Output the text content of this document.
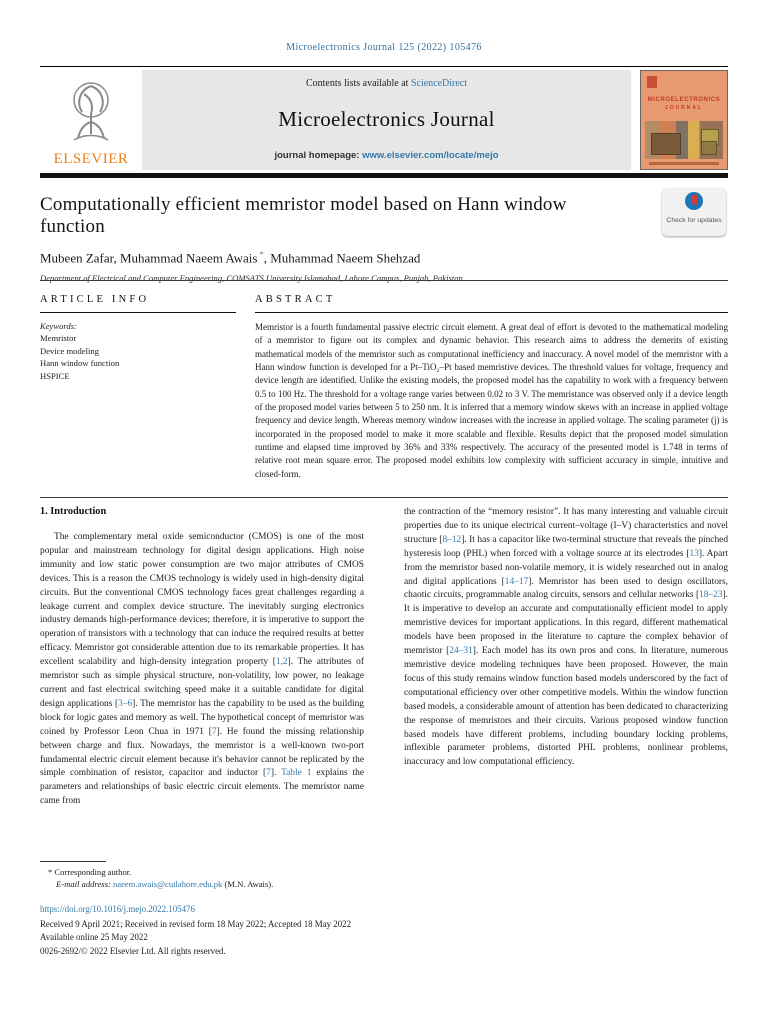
Microelectronics Journal 125 (2022) 105476
ELSEVIER
Contents lists available at ScienceDirect
Microelectronics Journal
journal homepage: www.elsevier.com/locate/mejo
MICROELECTRONICS
JOURNAL
Computationally efficient memristor model based on Hann window function
Mubeen Zafar, Muhammad Naeem Awais *, Muhammad Naeem Shehzad
Department of Electrical and Computer Engineering, COMSATS University Islamabad, Lahore Campus, Punjab, Pakistan
Check for updates
ARTICLE INFO
Keywords:
Memristor
Device modeling
Hann window function
HSPICE
ABSTRACT
Memristor is a fourth fundamental passive electric circuit element. A great deal of effort is devoted to the mathematical modeling of a memristor to figure out its complex and dynamic behavior. This research aims to address the demerits of existing mathematical models of the memristor such as computational inefficiency and inaccuracy. A novel model of the memristor with a Hann window function is developed for a Pt–TiO₂–Pt based memristive devices. The threshold values for voltage, frequency and device length are identified. Unlike the existing models, the proposed model has the capability to work with a frequency between 0.5 to 100 Hz. The threshold for a voltage range varies between 0.02 to 3 V. The memristance was observed only if a device length of the proposed model varies between 5 to 250 nm. It is inferred that a memory window skews with an increase in applied voltage frequency and device length. Whereas memory window increases with the increase in applied voltage. The scaling parameter (j) is incorporated in the proposed model to make it more scalable and flexible. Results depict that the proposed model simulation runtime and elapsed time improved by 36% and 33% respectively. The accuracy of the presented model is 1.748 in terms of relative root mean square error. The proposed model exhibits low complexity with sufficient accuracy in simple, intuitive and closed-form.
1. Introduction
The complementary metal oxide semiconductor (CMOS) is one of the most popular and mainstream technology for digital design applications. High noise immunity and low static power consumption are two major attributes of CMOS devices. This is a reason the CMOS technology is widely used in high-density digital circuits. But the conventional CMOS technology faces great challenges regarding a leakage current and complex device structure. The inevitably surging electronics industry demands high-performance devices; therefore, it is imperative to support the operation of transistors with a technology that can induce the required results at better efficacy. Memristor got considerable attention due to its remarkable properties. It has excellent scalability and high-density integration property [1,2]. The attributes of memristor such as simple physical structure, non-volatility, low power, no leakage current and fast electrical switching speed make it a suitable candidate for digital design applications [3–6]. The memristor has the capability to be used as the building block for logic gates and memory as well. The hypothetical concept of memristor was coined by Professor Leon Chua in 1971 [7]. He found the missing relationship between charge and flux. Nowadays, the memristor is a well-known two-port fundamental electric circuit element because it's behavior cannot be replicated by the simple combination of resistor, capacitor and inductor [7]. Table 1 explains the parameters and relationships of basic electric circuit elements. The memristor name came from
the contraction of the “memory resistor”. It has many interesting and valuable circuit properties due to its unique electrical current–voltage (I–V) characteristics and novel structure [8–12]. It has a capacitor like two-terminal structure that reveals the pinched hysteresis loop (PHL) when forced with a voltage source at its electrodes [13]. Apart from the memristor based non-volatile memory, it is widely researched out in analog and digital applications [14–17]. Memristor has been used to design oscillators, chaotic circuits, programmable analog circuits, sensors and cellular networks [18–23]. It is imperative to develop an accurate and computationally efficient model to apply memristive devices for important applications. In this regard, different mathematical models have been proposed in the literature to capture the complex behavior of memristor [24–31]. Each model has its own pros and cons. In literature, numerous memristive device modeling techniques have been proposed. However, the main focus of this study remains window function based models underscored by the fact of computational efficiency over other competitive models. Within the window function based models, a considerable amount of attention has been dedicated to characterizing the response of memristors and their circuits. Various proposed window function based models have different problems, including boundary locking problems, inflexible parameter problems, distorted PHL problems, nonlinear problems, inaccuracy and low computational efficiency.
* Corresponding author.
E-mail address: naeem.awais@cuilahore.edu.pk (M.N. Awais).
https://doi.org/10.1016/j.mejo.2022.105476
Received 9 April 2021; Received in revised form 18 May 2022; Accepted 18 May 2022
Available online 25 May 2022
0026-2692/© 2022 Elsevier Ltd. All rights reserved.
